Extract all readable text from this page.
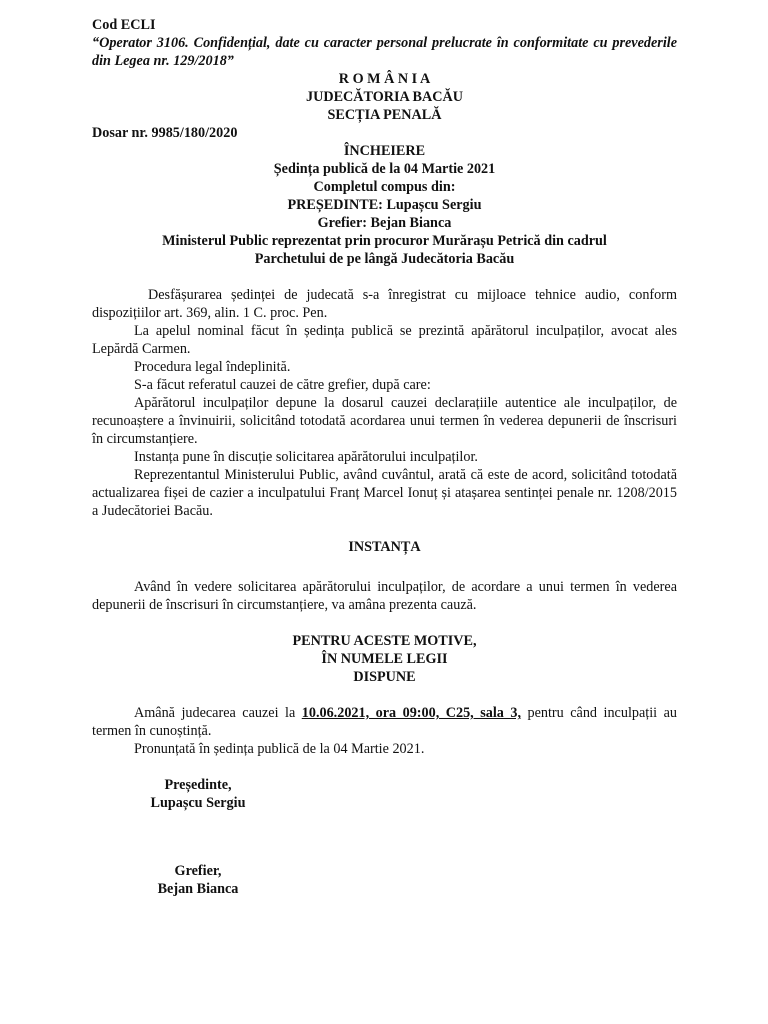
Cod ECLI

“Operator 3106. Confidențial, date cu caracter personal prelucrate în conformitate cu prevederile din Legea nr. 129/2018”

R O M Â N I A

JUDECĂTORIA BACĂU

SECȚIA PENALĂ

Dosar nr. 9985/180/2020

ÎNCHEIERE

Ședința publică de la 04 Martie 2021

Completul compus din:

PREȘEDINTE: Lupașcu Sergiu

Grefier: Bejan Bianca

Ministerul Public reprezentat prin procuror Murărașu Petrică din cadrul

Parchetului de pe lângă Judecătoria Bacău

Desfășurarea ședinței de judecată s-a înregistrat cu mijloace tehnice audio, conform dispozițiilor art. 369, alin. 1 C. proc. Pen.

La apelul nominal făcut în ședința publică se prezintă apărătorul inculpaților, avocat ales Lepărdă Carmen.

Procedura legal îndeplinită.

S-a făcut referatul cauzei de către grefier, după care:

Apărătorul inculpaților depune la dosarul cauzei declarațiile autentice ale inculpaților, de recunoaștere a învinuirii, solicitând totodată acordarea unui termen în vederea depunerii de înscrisuri în circumstanțiere.

Instanța pune în discuție solicitarea apărătorului inculpaților.

Reprezentantul Ministerului Public, având cuvântul, arată că este de acord, solicitând totodată actualizarea fișei de cazier a inculpatului Franț Marcel Ionuț și atașarea sentinței penale nr. 1208/2015 a Judecătoriei Bacău.

INSTANȚA

Având în vedere solicitarea apărătorului inculpaților, de acordare a unui termen în vederea depunerii de înscrisuri în circumstanțiere, va amâna prezenta cauză.

PENTRU ACESTE MOTIVE,

ÎN NUMELE LEGII

DISPUNE

Amână judecarea cauzei la 10.06.2021, ora 09:00, C25, sala 3, pentru când inculpații au termen în cunoștință.

Pronunțată în ședința publică de la 04 Martie 2021.

Președinte,

Lupașcu Sergiu

Grefier,

Bejan Bianca
